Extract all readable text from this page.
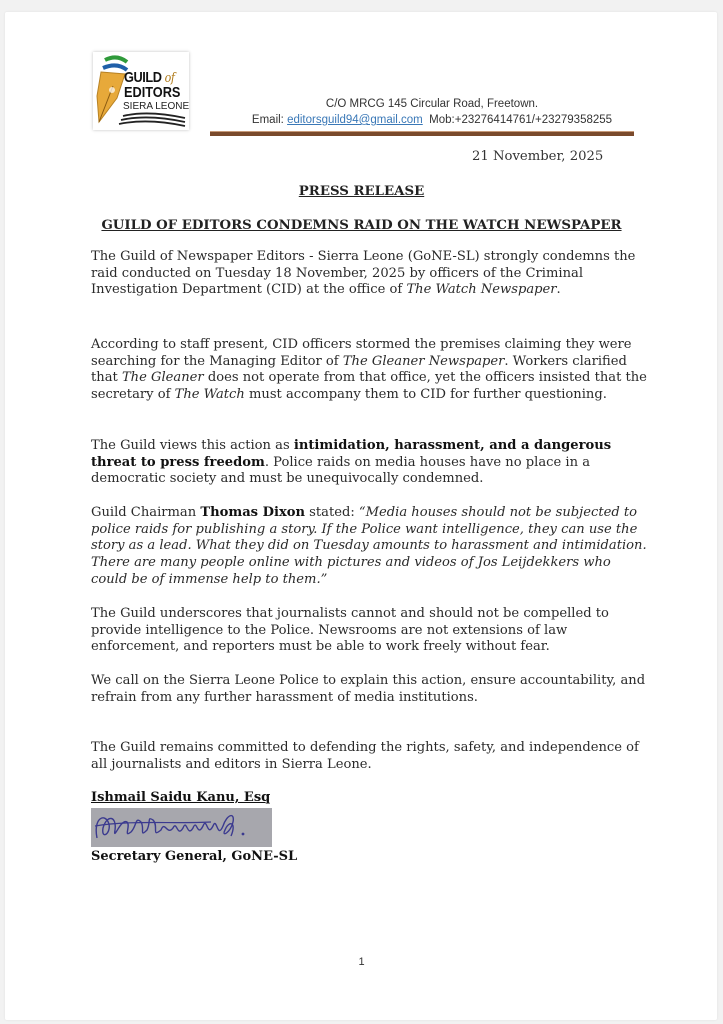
GUILD of
EDITORS
SIERA LEONE	C/O MRCG 145 Circular Road, Freetown.
Email: editorsguild94@gmail.com Mob:+23276414761/+23279358255
21 November, 2025
PRESS RELEASE
GUILD OF EDITORS CONDEMNS RAID ON THE WATCH NEWSPAPER
The Guild of Newspaper Editors - Sierra Leone (GoNE-SL) strongly condemns the raid conducted on Tuesday 18 November, 2025 by officers of the Criminal Investigation Department (CID) at the office of The Watch Newspaper.
According to staff present, CID officers stormed the premises claiming they were searching for the Managing Editor of The Gleaner Newspaper. Workers clarified that The Gleaner does not operate from that office, yet the officers insisted that the secretary of The Watch must accompany them to CID for further questioning.
The Guild views this action as intimidation, harassment, and a dangerous threat to press freedom. Police raids on media houses have no place in a democratic society and must be unequivocally condemned.
Guild Chairman Thomas Dixon stated: “Media houses should not be subjected to police raids for publishing a story. If the Police want intelligence, they can use the story as a lead. What they did on Tuesday amounts to harassment and intimidation. There are many people online with pictures and videos of Jos Leijdekkers who could be of immense help to them.”
The Guild underscores that journalists cannot and should not be compelled to provide intelligence to the Police. Newsrooms are not extensions of law enforcement, and reporters must be able to work freely without fear.
We call on the Sierra Leone Police to explain this action, ensure accountability, and refrain from any further harassment of media institutions.
The Guild remains committed to defending the rights, safety, and independence of all journalists and editors in Sierra Leone.
Ishmail Saidu Kanu, Esq
Secretary General, GoNE-SL
1
